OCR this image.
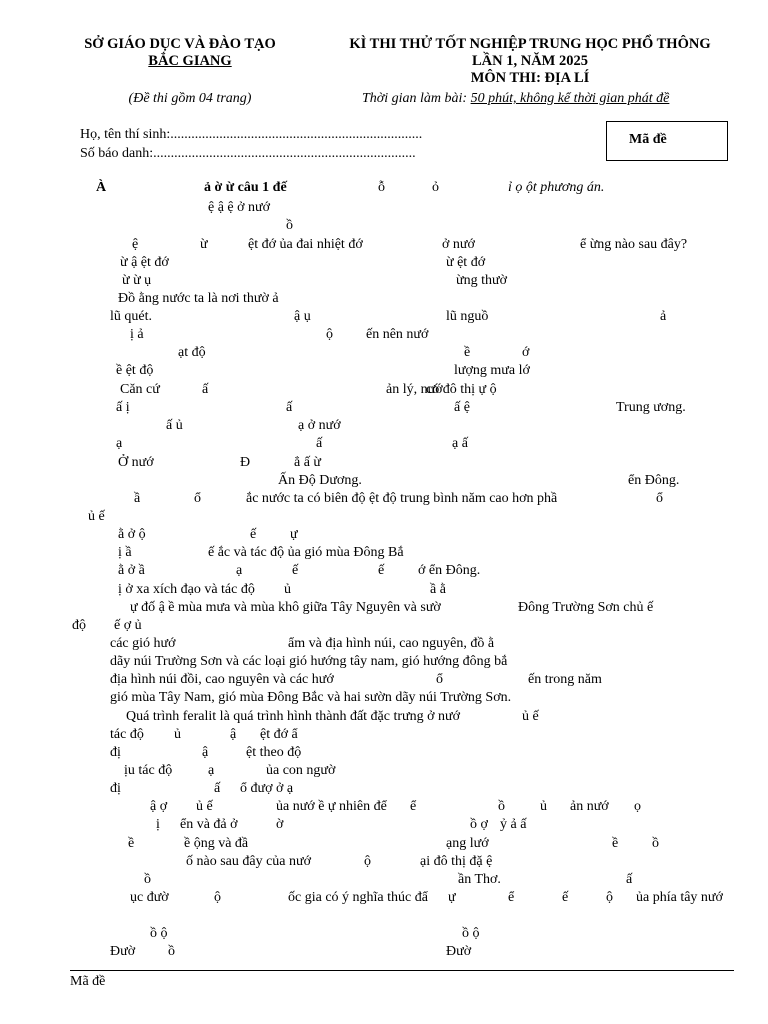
SỞ GIÁO DỤC VÀ ĐÀO TẠO
BẮC GIANG
(Đề thi gồm 04 trang)
KÌ THI THỬ TỐT NGHIỆP TRUNG HỌC PHỔ THÔNG
LẦN 1, NĂM 2025
MÔN THI: ĐỊA LÍ
Thời gian làm bài: 50 phút, không kể thời gian phát đề
Họ, tên thí sinh:........................................................................
Số báo danh:...........................................................................
Mã đề
À	ả ờ ừ câu 1 đế	ỗ	ỏ	ỉ ọ ột phương án.
ệ ậ ệ ở nướ
ồ
ệ	ừ	ệt đớ ủa đai nhiệt đớ	ở nướ	ể ừng nào sau đây?
ừ ậ ệt đớ	ừ ệt đớ
ừ ừ ụ	ừng thườ
Đồ ằng nước ta là nơi thườ ả
lũ quét.	ậ ụ	lũ nguồ	ả
ị ả	ộ ến nên nướ
ạt độ	ề	ớ
ề ệt độ	lượng mưa lớ
Căn cứ	ấ	ản lý, nướ
có đô thị ự ộ
ấ ị	ấ	ấ ệ	Trung ương.
ấ ủ	ạ ở nướ
ạ	ấ	ạ ấ
Ở nướ	Đ	ẳ ấ ừ
Ấn Độ Dương.	ển Đông.
ầ	ổ	ắc nước ta có biên độ ệt độ trung bình năm cao hơn phầ	ổ
ủ ế
ằ ở ộ	ế ự
ị ầ	ế ắc và tác độ ủa gió mùa Đông Bắ
ằ ở ầ	ạ	ế	ế ớ ển Đông.
ị ở xa xích đạo và tác độ ủ	ầ ằ
ự đố ậ ề mùa mưa và mùa khô giữa Tây Nguyên và sườ	Đông Trường Sơn chủ ế
độ ế ợ ủ
các gió hướ	ẩm và địa hình núi, cao nguyên, đồ ằ
dãy núi Trường Sơn và các loại gió hướng tây nam, gió hướng đông bắ
địa hình núi đồi, cao nguyên và các hướ	ổ	ến trong năm
gió mùa Tây Nam, gió mùa Đông Bắc và hai sườn dãy núi Trường Sơn.
Quá trình feralit là quá trình hình thành đất đặc trưng ở nướ	ủ ế
tác độ ủ	ậ ệt đớ ẩ
đị	ậ	ệt theo độ
ịu tác độ	ạ	ủa con ngườ
đị	ấ ổ đượ ở ạ
ậ ợ ủ ế	ủa nướ ề ự nhiên để ể	ồ	ủ ản nướ ọ
ị ển và đả ở	ờ	ồ ợ ỷ ả ấ
ề	ề ộng và đầ	ạng lướ	ề ồ
ố nào sau đây của nướ	ộ	ại đô thị đặ ệ
ồ	ần Thơ.	ấ
ục đườ	ộ	ốc gia có ý nghĩa thúc đẩ ự	ể	ế	ộ ủa phía tây nướ
ồ ộ	ồ ộ
Đườ ồ	Đườ
Mã đề
